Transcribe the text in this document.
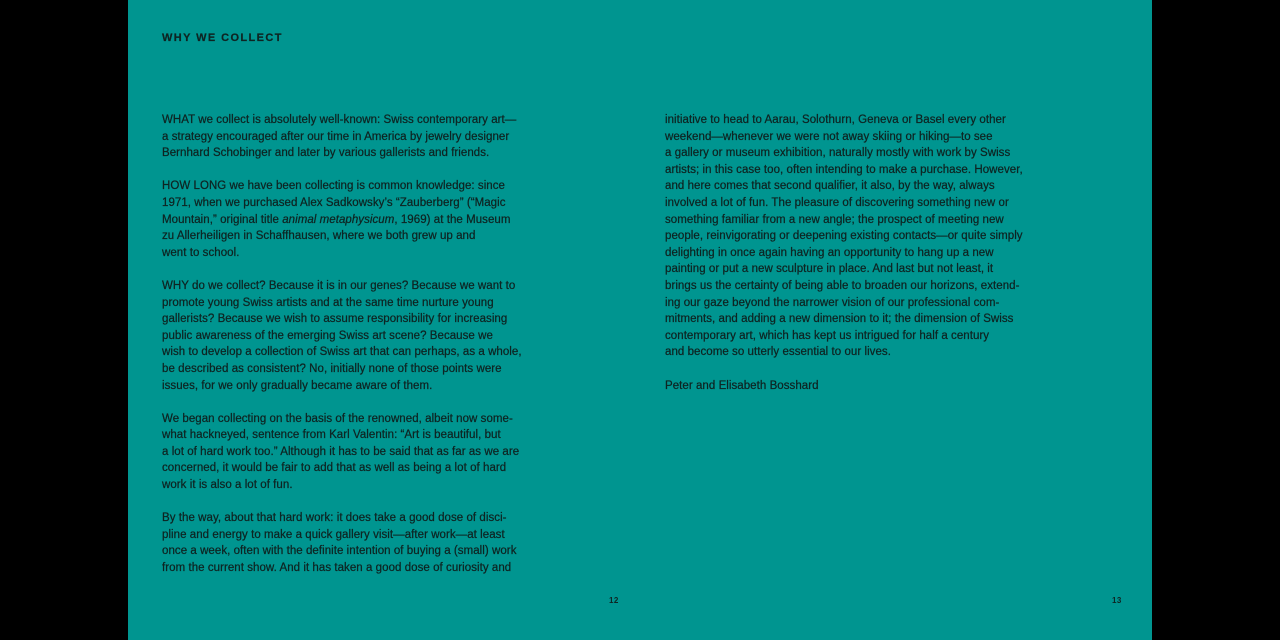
WHY WE COLLECT

WHAT we collect is absolutely well-known: Swiss contemporary art—
a strategy encouraged after our time in America by jewelry designer
Bernhard Schobinger and later by various gallerists and friends.

HOW LONG we have been collecting is common knowledge: since
1971, when we purchased Alex Sadkowsky’s “Zauberberg” (“Magic
Mountain,” original title animal metaphysicum, 1969) at the Museum
zu Allerheiligen in Schaffhausen, where we both grew up and
went to school.

WHY do we collect? Because it is in our genes? Because we want to
promote young Swiss artists and at the same time nurture young
gallerists? Because we wish to assume responsibility for increasing
public awareness of the emerging Swiss art scene? Because we
wish to develop a collection of Swiss art that can perhaps, as a whole,
be described as consistent? No, initially none of those points were
issues, for we only gradually became aware of them.

We began collecting on the basis of the renowned, albeit now some-
what hackneyed, sentence from Karl Valentin: “Art is beautiful, but
a lot of hard work too.” Although it has to be said that as far as we are
concerned, it would be fair to add that as well as being a lot of hard
work it is also a lot of fun.

By the way, about that hard work: it does take a good dose of disci-
pline and energy to make a quick gallery visit—after work—at least
once a week, often with the definite intention of buying a (small) work
from the current show. And it has taken a good dose of curiosity and

initiative to head to Aarau, Solothurn, Geneva or Basel every other
weekend—whenever we were not away skiing or hiking—to see
a gallery or museum exhibition, naturally mostly with work by Swiss
artists; in this case too, often intending to make a purchase. However,
and here comes that second qualifier, it also, by the way, always
involved a lot of fun. The pleasure of discovering something new or
something familiar from a new angle; the prospect of meeting new
people, reinvigorating or deepening existing contacts—or quite simply
delighting in once again having an opportunity to hang up a new
painting or put a new sculpture in place. And last but not least, it
brings us the certainty of being able to broaden our horizons, extend-
ing our gaze beyond the narrower vision of our professional com-
mitments, and adding a new dimension to it; the dimension of Swiss
contemporary art, which has kept us intrigued for half a century
and become so utterly essential to our lives.

Peter and Elisabeth Bosshard

12	13
